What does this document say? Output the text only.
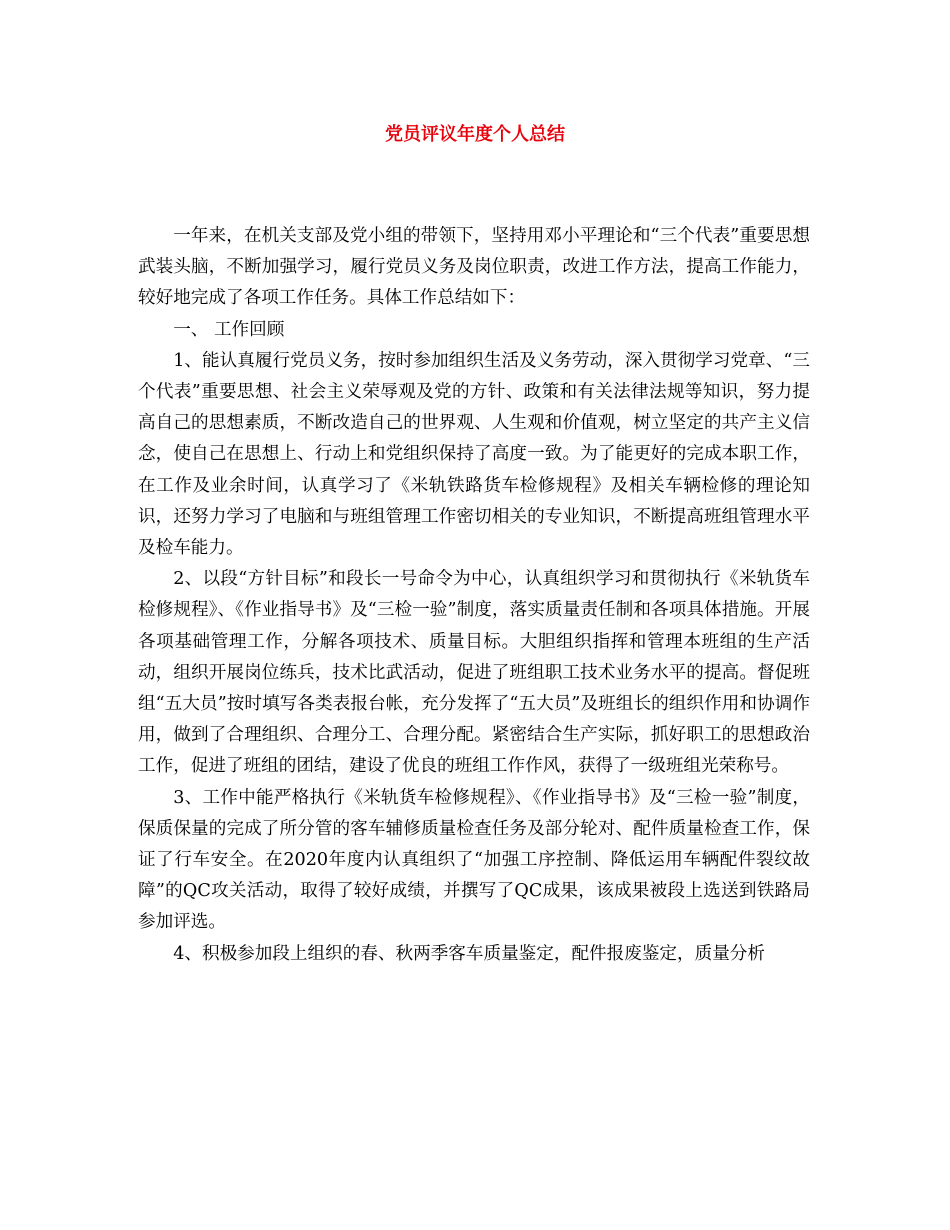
党员评议年度个人总结

一年来，在机关支部及党小组的带领下，坚持用邓小平理论和“三个代表”重要思想武装头脑，不断加强学习，履行党员义务及岗位职责，改进工作方法，提高工作能力，较好地完成了各项工作任务。具体工作总结如下：

一、 工作回顾

1、能认真履行党员义务，按时参加组织生活及义务劳动，深入贯彻学习党章、“三个代表”重要思想、社会主义荣辱观及党的方针、政策和有关法律法规等知识，努力提高自己的思想素质，不断改造自己的世界观、人生观和价值观，树立坚定的共产主义信念，使自己在思想上、行动上和党组织保持了高度一致。为了能更好的完成本职工作，在工作及业余时间，认真学习了《米轨铁路货车检修规程》及相关车辆检修的理论知识，还努力学习了电脑和与班组管理工作密切相关的专业知识，不断提高班组管理水平及检车能力。

2、以段“方针目标”和段长一号命令为中心，认真组织学习和贯彻执行《米轨货车检修规程》、《作业指导书》及“三检一验”制度，落实质量责任制和各项具体措施。开展各项基础管理工作，分解各项技术、质量目标。大胆组织指挥和管理本班组的生产活动，组织开展岗位练兵，技术比武活动，促进了班组职工技术业务水平的提高。督促班组“五大员”按时填写各类表报台帐，充分发挥了“五大员”及班组长的组织作用和协调作用，做到了合理组织、合理分工、合理分配。紧密结合生产实际，抓好职工的思想政治工作，促进了班组的团结，建设了优良的班组工作作风，获得了一级班组光荣称号。

3、工作中能严格执行《米轨货车检修规程》、《作业指导书》及“三检一验”制度，保质保量的完成了所分管的客车辅修质量检查任务及部分轮对、配件质量检查工作，保证了行车安全。在2020年度内认真组织了“加强工序控制、降低运用车辆配件裂纹故障”的QC攻关活动，取得了较好成绩，并撰写了QC成果，该成果被段上选送到铁路局参加评选。

4、积极参加段上组织的春、秋两季客车质量鉴定，配件报废鉴定，质量分析
